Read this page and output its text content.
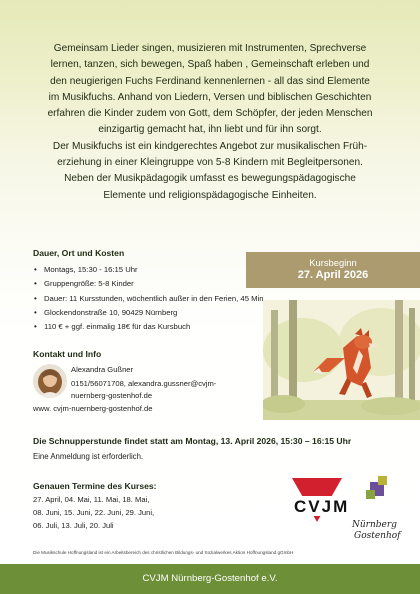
Gemeinsam Lieder singen, musizieren mit Instrumenten, Sprechverse

lernen, tanzen, sich bewegen, Spaß haben , Gemeinschaft erleben und

den neugierigen Fuchs Ferdinand kennenlernen - all das sind Elemente

im Musikfuchs. Anhand von Liedern, Versen und biblischen Geschichten

erfahren die Kinder zudem von Gott, dem Schöpfer, der jeden Menschen

einzigartig gemacht hat, ihn liebt und für ihn sorgt.

Der Musikfuchs ist ein kindgerechtes Angebot zur musikalischen Früh-

erziehung in einer Kleingruppe von 5-8 Kindern mit Begleitpersonen.

Neben der Musikpädagogik umfasst es bewegungspädagogische

Elemente und religionspädagogische Einheiten.

Dauer, Ort und Kosten
• Montags, 15:30 - 16:15 Uhr
• Gruppengröße: 5-8 Kinder
• Dauer: 11 Kursstunden, wöchentlich außer in den Ferien, 45 Min
• Glockendonstraße 10, 90429 Nürnberg
• 110 € + ggf. einmalig 18€ für das Kursbuch
Kursbeginn
27. April 2026
Kontakt und Info
Alexandra Gußner
0151/56071708, alexandra.gussner@cvjm-
nuernberg-gostenhof.de
www. cvjm-nuernberg-gostenhof.de
Die Schnupperstunde findet statt am Montag, 13. April 2026, 15:30 – 16:15 Uhr
Eine Anmeldung ist erforderlich.
Genauen Termine des Kurses:
27. April, 04. Mai, 11. Mai, 18. Mai,
08. Juni, 15. Juni, 22. Juni, 29. Juni,
06. Juli, 13. Juli, 20. Juli
CVJM
Nürnberg
Gostenhof
Die Musikschule Hoffnungsland ist ein Arbeitsbereich des christlichen Bildungs- und Sozialwerkes Aktion Hoffnungsland gGmbH
CVJM Nürnberg-Gostenhof e.V.
